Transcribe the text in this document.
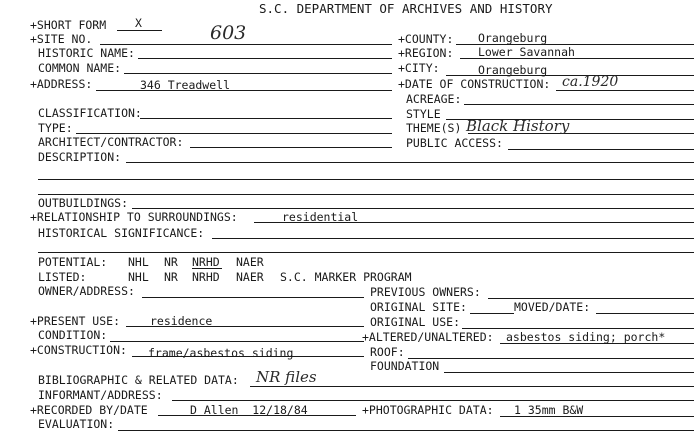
S.C. DEPARTMENT OF ARCHIVES AND HISTORY
+SHORT FORM	X
+SITE NO.	603	+COUNTY: Orangeburg
HISTORIC NAME:	+REGION: Lower Savannah
COMMON NAME:	+CITY:	Orangeburg
+ADDRESS:	346 Treadwell	+DATE OF CONSTRUCTION: ca.1920
ACREAGE:
CLASSIFICATION:	STYLE
TYPE:	THEME(S) Black History
ARCHITECT/CONTRACTOR:	PUBLIC ACCESS:
DESCRIPTION:
OUTBUILDINGS:
+RELATIONSHIP TO SURROUNDINGS:	residential
HISTORICAL SIGNIFICANCE:
POTENTIAL: NHL NR NRHD NAER
LISTED:	NHL NR NRHD NAER S.C. MARKER PROGRAM
OWNER/ADDRESS:	PREVIOUS OWNERS:
ORIGINAL SITE:	MOVED/DATE:
+PRESENT USE:	residence	ORIGINAL USE:
CONDITION:	+ALTERED/UNALTERED: asbestos siding; porch*
+CONSTRUCTION: frame/asbestos siding	ROOF:
FOUNDATION
BIBLIOGRAPHIC & RELATED DATA: NR files
INFORMANT/ADDRESS:
+RECORDED BY/DATE	D Allen  12/18/84	+PHOTOGRAPHIC DATA: 1 35mm B&W
EVALUATION:
